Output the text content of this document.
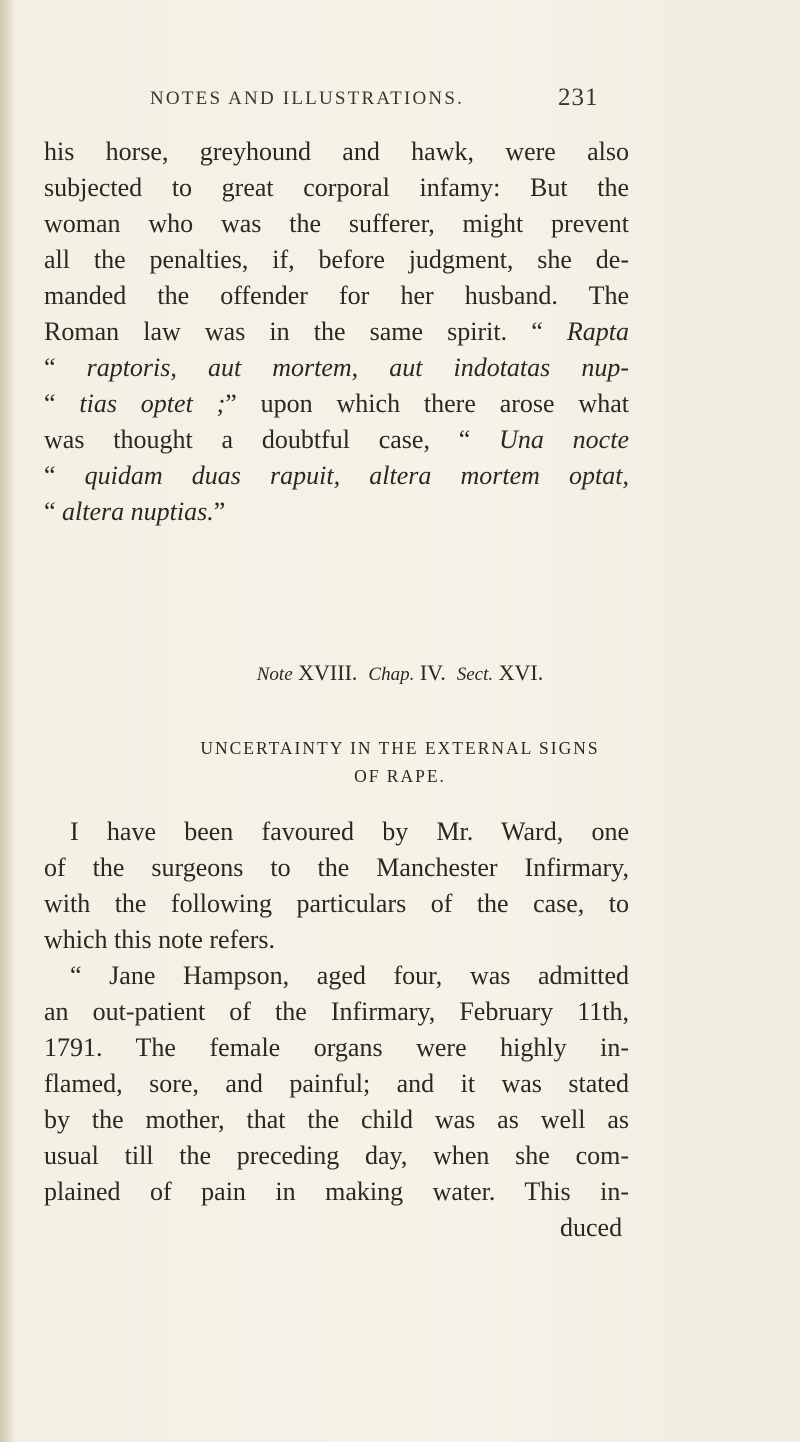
NOTES AND ILLUSTRATIONS.	231
his horse, greyhound and hawk, were also
subjected to great corporal infamy: But the
woman who was the sufferer, might prevent
all the penalties, if, before judgment, she de-
manded the offender for her husband. The
Roman law was in the same spirit. “ Rapta
“ raptoris, aut mortem, aut indotatas nup-
“ tias optet ;” upon which there arose what
was thought a doubtful case, “ Una nocte
“ quidam duas rapuit, altera mortem optat,
“ altera nuptias.”
Note XVIII. Chap. IV. Sect. XVI.
UNCERTAINTY IN THE EXTERNAL SIGNS
OF RAPE.
I have been favoured by Mr. Ward, one
of the surgeons to the Manchester Infirmary,
with the following particulars of the case, to
which this note refers.
“ Jane Hampson, aged four, was admitted
an out-patient of the Infirmary, February 11th,
1791. The female organs were highly in-
flamed, sore, and painful; and it was stated
by the mother, that the child was as well as
usual till the preceding day, when she com-
plained of pain in making water. This in-
duced
